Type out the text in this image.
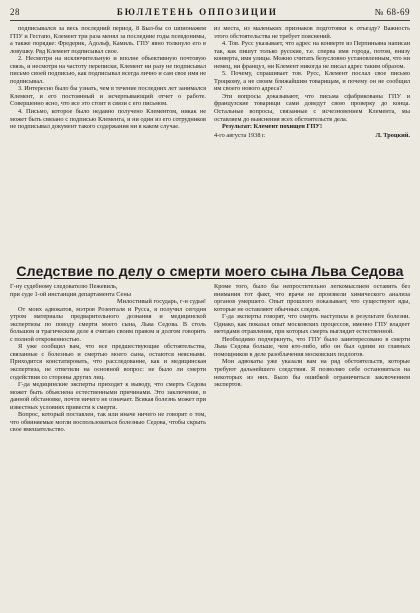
28	БЮЛЛЕТЕНЬ ОППОЗИЦИИ	№ 68-69

подписывался за весь последний период. 8 Был-бы со шпионажем ГПУ и Гестапо, Клемент три раза менял за последние годы псевдонимы, а также порядке: Фредерик, Адольф, Камиль. ГПУ явно толкнуло его в ловушку. Ряд Клемент подписывал свое.

2. Несмотря на исключительную и вполне объективную почтовую связь, и несмотря на частоту переписки, Клемент ни разу не подписывал письмо своей подписью, как подписывал всегда лично и сам свое имя не подписывал.

3. Интересно было бы узнать, чем в течение последних лет занимался Клемент, и его постоянный и исчерпывающий отчет о работе. Совершенно ясно, что все это стоит в связи с его письмом.

4. Письмо, которое было недавно получено Клементом, никак не может быть связано с подписью Клемента, и ни один из его сотрудников не подписывал документ такого содержания ни в каком случае.

из места, из маленьких признаков подготовки к отъезду? Важность этого обстоятельства не требует пояснений.

4. Тов. Русс указывает, что адрес на конверте из Перпиньяна написан так, как пишут только русские, т.е. сперва имя города, потом, внизу конверта, имя улицы. Можно считать безусловно установленным, что ни немец, ни француз, ни Клемент никогда не писал адрес таким образом.

5. Почему, спрашивает тов. Русс, Клемент послал свое письмо Троцкому, а не своим ближайшим товарищам, и почему он не сообщил им своего нового адреса?

Эти вопросы доказывают, что письма сфабрикованы ГПУ и французские товарищи сами доведут свою проверку до конца. Остальные вопросы, связанные с исчезновением Клемента, мы оставляем до выяснения всех обстоятельств дела.

Результат: Клемент похищен ГПУ!

4-го августа 1938 г.	Л. Троцкий.
Следствие по делу о смерти моего сына Льва Седова

Г-ну судебному следователю Пежевиль,

при суде 1-ой инстанции департамента Сены

Милостивый государь, г-н судья!

От моих адвокатов, мэтров Розенталя и Русса, я получил сегодня утром материалы предварительного дознания и медицинской экспертизы по поводу смерти моего сына, Льва Седова. В столь большом и трагическом деле я считаю своим правом и долгом говорить с полной откровенностью.

Я уже сообщил вам, что все предшествующие обстоятельства, связанные с болезнью и смертью моего сына, остаются неясными. Приходится констатировать, что расследование, как и медицинская экспертиза, не ответили на основной вопрос: не было ли смерти содействия со стороны других лиц.

Г-да медицинские эксперты приходят к выводу, что смерть Седова может быть объяснена естественными причинами. Это заключение, в данной обстановке, почти ничего не означает. Всякая болезнь может при известных условиях привести к смерти.

Вопрос, который поставлен, так или иначе ничего не говорит о том, что обвиняемые могли воспользоваться болезнью Седова, чтобы скрыть свое вмешательство.

Кроме того, было бы непростительно легкомыслием оставить без внимания тот факт, что врачи не произвели химического анализа органов умершего. Опыт прошлого показывает, что существуют яды, которые не оставляют обычных следов.

Г-да эксперты говорят, что смерть наступила в результате болезни. Однако, как показал опыт московских процессов, именно ГПУ владеет методами отравления, при которых смерть выглядит естественной.

Необходимо подчеркнуть, что ГПУ было заинтересовано в смерти Льва Седова больше, чем кто-либо, ибо он был одним из главных помощников в деле разоблачения московских подлогов.

Мои адвокаты уже указали вам на ряд обстоятельств, которые требуют дальнейшего следствия. Я позволяю себе остановиться на некоторых из них. Было бы ошибкой ограничиться заключением экспертов.
